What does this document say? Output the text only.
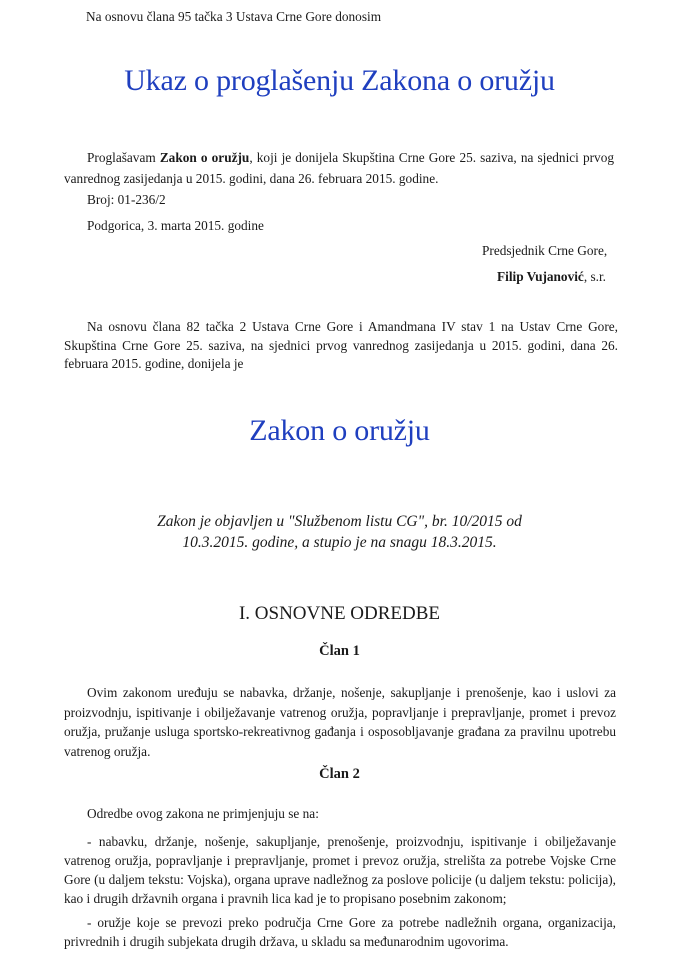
Na osnovu člana 95 tačka 3 Ustava Crne Gore donosim
Ukaz o proglašenju Zakona o oružju
Proglašavam Zakon o oružju, koji je donijela Skupština Crne Gore 25. saziva, na sjednici prvog vanrednog zasijedanja u 2015. godini, dana 26. februara 2015. godine.
Broj: 01-236/2
Podgorica, 3. marta 2015. godine
Predsjednik Crne Gore,
Filip Vujanović, s.r.
Na osnovu člana 82 tačka 2 Ustava Crne Gore i Amandmana IV stav 1 na Ustav Crne Gore, Skupština Crne Gore 25. saziva, na sjednici prvog vanrednog zasijedanja u 2015. godini, dana 26. februara 2015. godine, donijela je
Zakon o oružju
Zakon je objavljen u "Službenom listu CG", br. 10/2015 od
10.3.2015. godine, a stupio je na snagu 18.3.2015.
I. OSNOVNE ODREDBE
Član 1
Ovim zakonom uređuju se nabavka, držanje, nošenje, sakupljanje i prenošenje, kao i uslovi za proizvodnju, ispitivanje i obilježavanje vatrenog oružja, popravljanje i prepravljanje, promet i prevoz oružja, pružanje usluga sportsko-rekreativnog gađanja i osposobljavanje građana za pravilnu upotrebu vatrenog oružja.
Član 2
Odredbe ovog zakona ne primjenjuju se na:
- nabavku, držanje, nošenje, sakupljanje, prenošenje, proizvodnju, ispitivanje i obilježavanje vatrenog oružja, popravljanje i prepravljanje, promet i prevoz oružja, strelišta za potrebe Vojske Crne Gore (u daljem tekstu: Vojska), organa uprave nadležnog za poslove policije (u daljem tekstu: policija), kao i drugih državnih organa i pravnih lica kad je to propisano posebnim zakonom;
- oružje koje se prevozi preko područja Crne Gore za potrebe nadležnih organa, organizacija, privrednih i drugih subjekata drugih država, u skladu sa međunarodnim ugovorima.
